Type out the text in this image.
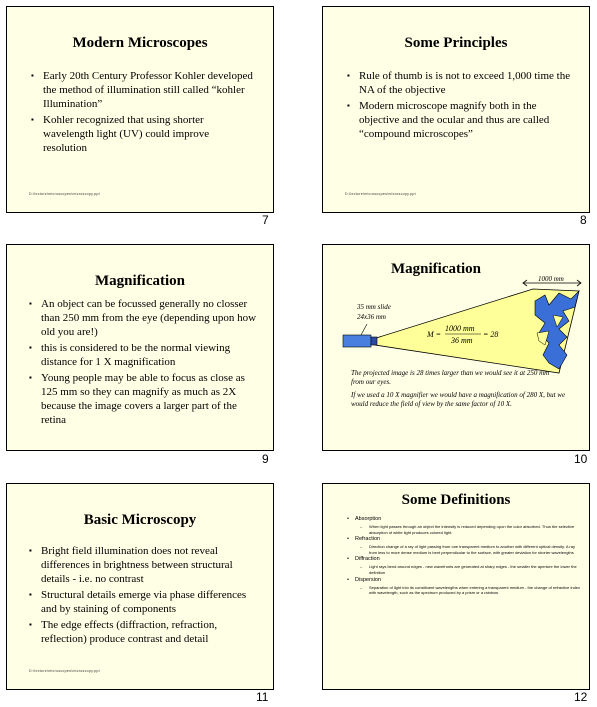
Modern Microscopes
▪ Early 20th Century Professor Kohler developed the method of illumination still called “kohler Illumination”
▪ Kohler recognized that using shorter wavelength light (UV) could improve resolution
D:\lecture\microscopes\microscopy.ppt
7
Some Principles
▪ Rule of thumb is is not to exceed 1,000 time the NA of the objective
▪ Modern microscope magnify both in the objective and the ocular and thus are called “compound microscopes”
D:\lecture\microscopes\microscopy.ppt
8
Magnification
▪ An object can be focussed generally no closser than 250 mm from the eye (depending upon how old you are!)
▪ this is considered to be the normal viewing distance for 1 X magnification
▪ Young people may be able to focus as close as 125 mm so they can magnify as much as 2X because the image covers a larger part of the retina
9
Magnification
1000 mm
35 mm slide
24x36 mm
M =
1000 mm
36 mm
= 28
The projected image is 28 times larger than we would see it at 250 mm from our eyes.
If we used a 10 X magnifier we would have a magnification of 280 X, but we would reduce the field of view by the same factor of 10 X.
10
Basic Microscopy
▪ Bright field illumination does not reveal differences in brightness between structural details - i.e. no contrast
▪ Structural details emerge via phase differences and by staining of components
▪ The edge effects (diffraction, refraction, reflection) produce contrast and detail
D:\lecture\microscopes\microscopy.ppt
11
Some Definitions
• Absorption
– When light passes through an object the intensity is reduced depending upon the color absorbed. Thus the selective absorption of white light produces colored light.
• Refraction
– Direction change of a ray of light passing from one transparent medium to another with different optical density. A ray from less to more dense medium is bent perpendicular to the surface, with greater deviation for shorter wavelengths
• Diffraction
– Light rays bend around edges - new wavefronts are generated at sharp edges - the smaller the aperture the lower the definition
• Dispersion
– Separation of light into its constituent wavelengths when entering a transparent medium - the change of refractive index with wavelength, such as the spectrum produced by a prism or a rainbow
12
